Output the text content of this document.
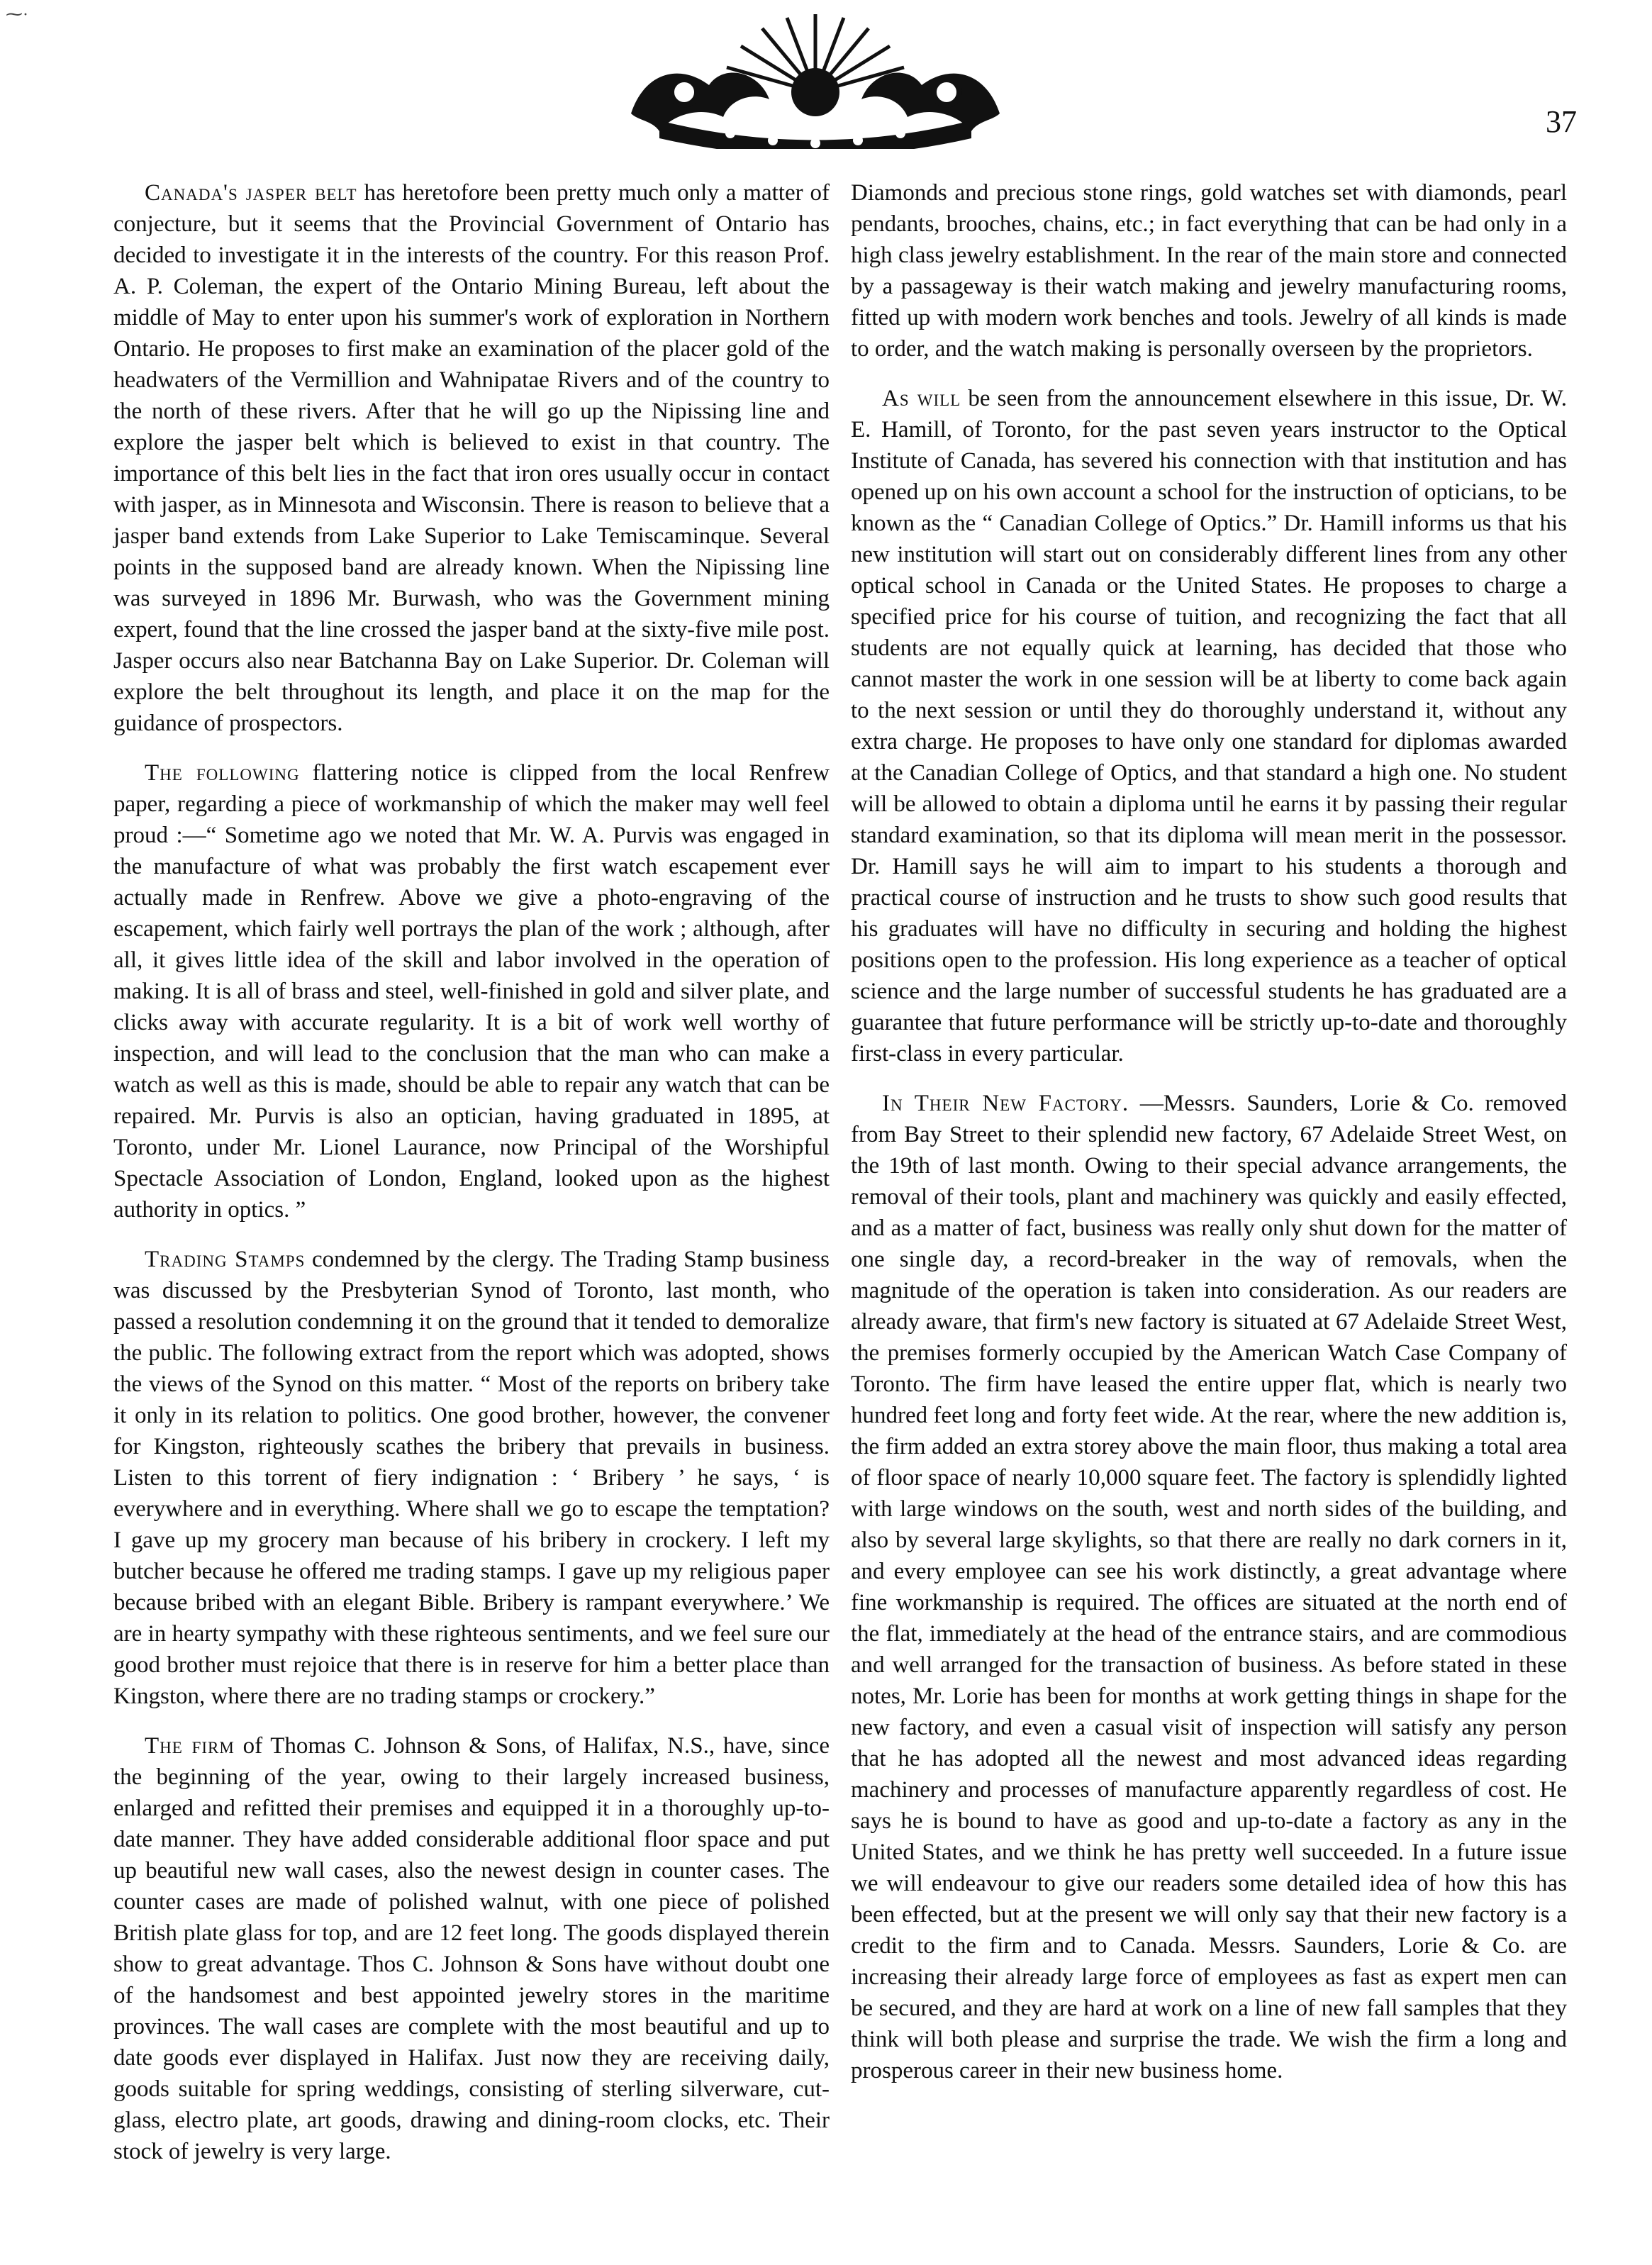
⁓·
37

Canada's jasper belt has heretofore been pretty much only a matter of conjecture, but it seems that the Provincial Government of Ontario has decided to investigate it in the interests of the country. For this reason Prof. A. P. Coleman, the expert of the Ontario Mining Bureau, left about the middle of May to enter upon his summer's work of exploration in Northern Ontario. He proposes to first make an examination of the placer gold of the headwaters of the Vermillion and Wahnipatae Rivers and of the country to the north of these rivers. After that he will go up the Nipissing line and explore the jasper belt which is believed to exist in that country. The importance of this belt lies in the fact that iron ores usually occur in contact with jasper, as in Minnesota and Wisconsin. There is reason to believe that a jasper band extends from Lake Superior to Lake Temiscaminque. Several points in the supposed band are already known. When the Nipissing line was surveyed in 1896 Mr. Burwash, who was the Government mining expert, found that the line crossed the jasper band at the sixty-five mile post. Jasper occurs also near Batchanna Bay on Lake Superior. Dr. Coleman will explore the belt throughout its length, and place it on the map for the guidance of prospectors.

The following flattering notice is clipped from the local Renfrew paper, regarding a piece of workmanship of which the maker may well feel proud :—“ Sometime ago we noted that Mr. W. A. Purvis was engaged in the manufacture of what was probably the first watch escapement ever actually made in Renfrew. Above we give a photo-engraving of the escapement, which fairly well portrays the plan of the work ; although, after all, it gives little idea of the skill and labor involved in the operation of making. It is all of brass and steel, well-finished in gold and silver plate, and clicks away with accurate regularity. It is a bit of work well worthy of inspection, and will lead to the conclusion that the man who can make a watch as well as this is made, should be able to repair any watch that can be repaired. Mr. Purvis is also an optician, having graduated in 1895, at Toronto, under Mr. Lionel Laurance, now Principal of the Worshipful Spectacle Association of London, England, looked upon as the highest authority in optics. ”

Trading Stamps condemned by the clergy. The Trading Stamp business was discussed by the Presbyterian Synod of Toronto, last month, who passed a resolution condemning it on the ground that it tended to demoralize the public. The following extract from the report which was adopted, shows the views of the Synod on this matter. “ Most of the reports on bribery take it only in its relation to politics. One good brother, however, the convener for Kingston, righteously scathes the bribery that prevails in business. Listen to this torrent of fiery indignation : ‘ Bribery ’ he says, ‘ is everywhere and in everything. Where shall we go to escape the temptation? I gave up my grocery man because of his bribery in crockery. I left my butcher because he offered me trading stamps. I gave up my religious paper because bribed with an elegant Bible. Bribery is rampant everywhere.’ We are in hearty sympathy with these righteous sentiments, and we feel sure our good brother must rejoice that there is in reserve for him a better place than Kingston, where there are no trading stamps or crockery.”

The firm of Thomas C. Johnson & Sons, of Halifax, N.S., have, since the beginning of the year, owing to their largely increased business, enlarged and refitted their premises and equipped it in a thoroughly up-to-date manner. They have added considerable additional floor space and put up beautiful new wall cases, also the newest design in counter cases. The counter cases are made of polished walnut, with one piece of polished British plate glass for top, and are 12 feet long. The goods displayed therein show to great advantage. Thos C. Johnson & Sons have without doubt one of the handsomest and best appointed jewelry stores in the maritime provinces. The wall cases are complete with the most beautiful and up to date goods ever displayed in Halifax. Just now they are receiving daily, goods suitable for spring weddings, consisting of sterling silverware, cut-glass, electro plate, art goods, drawing and dining-room clocks, etc. Their stock of jewelry is very large.

Diamonds and precious stone rings, gold watches set with diamonds, pearl pendants, brooches, chains, etc.; in fact everything that can be had only in a high class jewelry establishment. In the rear of the main store and connected by a passageway is their watch making and jewelry manufacturing rooms, fitted up with modern work benches and tools. Jewelry of all kinds is made to order, and the watch making is personally overseen by the proprietors.

As will be seen from the announcement elsewhere in this issue, Dr. W. E. Hamill, of Toronto, for the past seven years instructor to the Optical Institute of Canada, has severed his connection with that institution and has opened up on his own account a school for the instruction of opticians, to be known as the “ Canadian College of Optics.” Dr. Hamill informs us that his new institution will start out on considerably different lines from any other optical school in Canada or the United States. He proposes to charge a specified price for his course of tuition, and recognizing the fact that all students are not equally quick at learning, has decided that those who cannot master the work in one session will be at liberty to come back again to the next session or until they do thoroughly understand it, without any extra charge. He proposes to have only one standard for diplomas awarded at the Canadian College of Optics, and that standard a high one. No student will be allowed to obtain a diploma until he earns it by passing their regular standard examination, so that its diploma will mean merit in the possessor. Dr. Hamill says he will aim to impart to his students a thorough and practical course of instruction and he trusts to show such good results that his graduates will have no difficulty in securing and holding the highest positions open to the profession. His long experience as a teacher of optical science and the large number of successful students he has graduated are a guarantee that future performance will be strictly up-to-date and thoroughly first-class in every particular.

In Their New Factory. —Messrs. Saunders, Lorie & Co. removed from Bay Street to their splendid new factory, 67 Adelaide Street West, on the 19th of last month. Owing to their special advance arrangements, the removal of their tools, plant and machinery was quickly and easily effected, and as a matter of fact, business was really only shut down for the matter of one single day, a record-breaker in the way of removals, when the magnitude of the operation is taken into consideration. As our readers are already aware, that firm's new factory is situated at 67 Adelaide Street West, the premises formerly occupied by the American Watch Case Company of Toronto. The firm have leased the entire upper flat, which is nearly two hundred feet long and forty feet wide. At the rear, where the new addition is, the firm added an extra storey above the main floor, thus making a total area of floor space of nearly 10,000 square feet. The factory is splendidly lighted with large windows on the south, west and north sides of the building, and also by several large skylights, so that there are really no dark corners in it, and every employee can see his work distinctly, a great advantage where fine workmanship is required. The offices are situated at the north end of the flat, immediately at the head of the entrance stairs, and are commodious and well arranged for the transaction of business. As before stated in these notes, Mr. Lorie has been for months at work getting things in shape for the new factory, and even a casual visit of inspection will satisfy any person that he has adopted all the newest and most advanced ideas regarding machinery and processes of manufacture apparently regardless of cost. He says he is bound to have as good and up-to-date a factory as any in the United States, and we think he has pretty well succeeded. In a future issue we will endeavour to give our readers some detailed idea of how this has been effected, but at the present we will only say that their new factory is a credit to the firm and to Canada. Messrs. Saunders, Lorie & Co. are increasing their already large force of employees as fast as expert men can be secured, and they are hard at work on a line of new fall samples that they think will both please and surprise the trade. We wish the firm a long and prosperous career in their new business home.
